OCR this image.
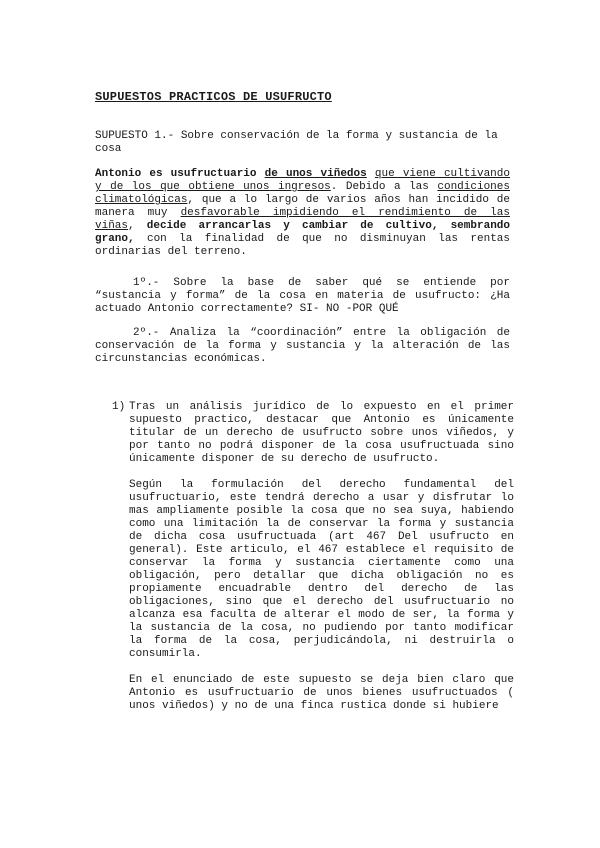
SUPUESTOS PRACTICOS DE USUFRUCTO

SUPUESTO 1.- Sobre conservación de la forma y sustancia de la cosa

Antonio es usufructuario de unos viñedos que viene cultivando y de los que obtiene unos ingresos. Debido a las condiciones climatológicas, que a lo largo de varios años han incidido de manera muy desfavorable impidiendo el rendimiento de las viñas, decide arrancarlas y cambiar de cultivo, sembrando grano, con la finalidad de que no disminuyan las rentas ordinarias del terreno.

1º.- Sobre la base de saber qué se entiende por “sustancia y forma” de la cosa en materia de usufructo: ¿Ha actuado Antonio correctamente? SI- NO -POR QUÉ

2º.- Analiza la “coordinación” entre la obligación de conservación de la forma y sustancia y la alteración de las circunstancias económicas.

1) Tras un análisis jurídico de lo expuesto en el primer supuesto practico, destacar que Antonio es únicamente titular de un derecho de usufructo sobre unos viñedos, y por tanto no podrá disponer de la cosa usufructuada sino únicamente disponer de su derecho de usufructo.

Según la formulación del derecho fundamental del usufructuario, este tendrá derecho a usar y disfrutar lo mas ampliamente posible la cosa que no sea suya, habiendo como una limitación la de conservar la forma y sustancia de dicha cosa usufructuada (art 467 Del usufructo en general). Este articulo, el 467 establece el requisito de conservar la forma y sustancia ciertamente como una obligación, pero detallar que dicha obligación no es propiamente encuadrable dentro del derecho de las obligaciones, sino que el derecho del usufructuario no alcanza esa faculta de alterar el modo de ser, la forma y la sustancia de la cosa, no pudiendo por tanto modificar la forma de la cosa, perjudicándola, ni destruirla o consumirla.

En el enunciado de este supuesto se deja bien claro que Antonio es usufructuario de unos bienes usufructuados ( unos viñedos) y no de una finca rustica donde si hubiere
